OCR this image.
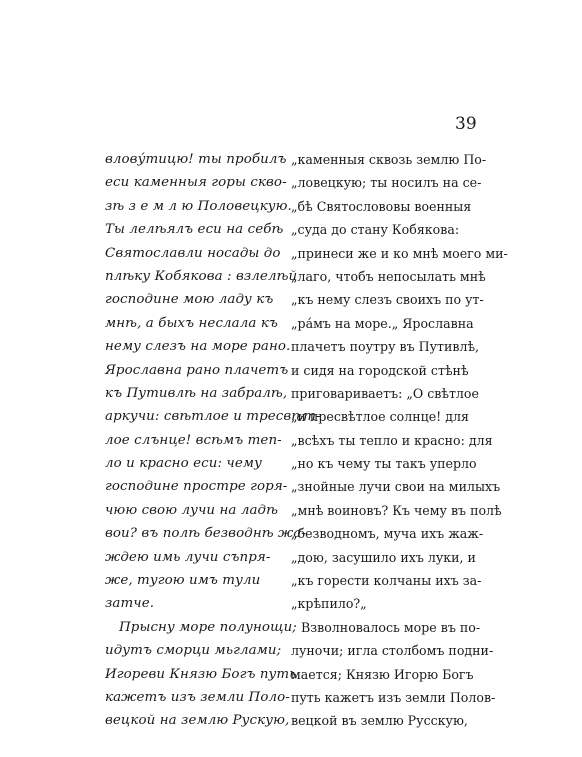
39
влову́тицю! ты пробилъ
еси каменныя горы скво-
зѣ з е м л ю Половецкую.
Ты лелѣялъ еси на себѣ
Святославли носады до
плѣку Кобякова : взлелѣй
господине мою ладу къ
мнѣ, а быхъ неслала къ
нему слезъ на море рано.
Ярославна рано плачетъ
къ Путивлѣ на забралѣ,
аркучи: свѣтлое и тресвѣт-
лое слънце! всѣмъ теп-
ло и красно еси: чему
господине простре горя-
чюю свою лучи на ладѣ
вои? въ полѣ безводнѣ жа-
ждею имь лучи съпря-
же, тугою имъ тули
затче.
Прысну море полунощи;
идутъ сморци мьглами;
Игореви Князю Богъ путь
кажетъ изъ земли Поло-
вецкой на землю Рускую,
„каменныя сквозь землю По-
„ловецкую; ты носилъ на се-
„бѣ Святослововы военныя
„суда до стану Кобякова:
„принеси же и ко мнѣ моего ми-
„лаго, чтобъ непосылать мнѣ
„къ нему слезъ своихъ по ут-
„ра́мъ на море.„ Ярославна
плачетъ поутру въ Путивлѣ,
и сидя на городской стѣнѣ
приговариваетъ: „О свѣтлое
„и пресвѣтлое солнце! для
„всѣхъ ты тепло и красно: для
„но къ чему ты такъ уперло
„знойные лучи свои на милыхъ
„мнѣ воиновъ? Къ чему въ полѣ
„безводномъ, муча ихъ жаж-
„дою, засушило ихъ луки, и
„къ горести колчаны ихъ за-
„крѣпило?„
Взволновалось море въ по-
луночи; игла столбомъ подни-
мается; Князю Игорю Богъ
путь кажетъ изъ земли Полов-
вецкой въ землю Русскую,
